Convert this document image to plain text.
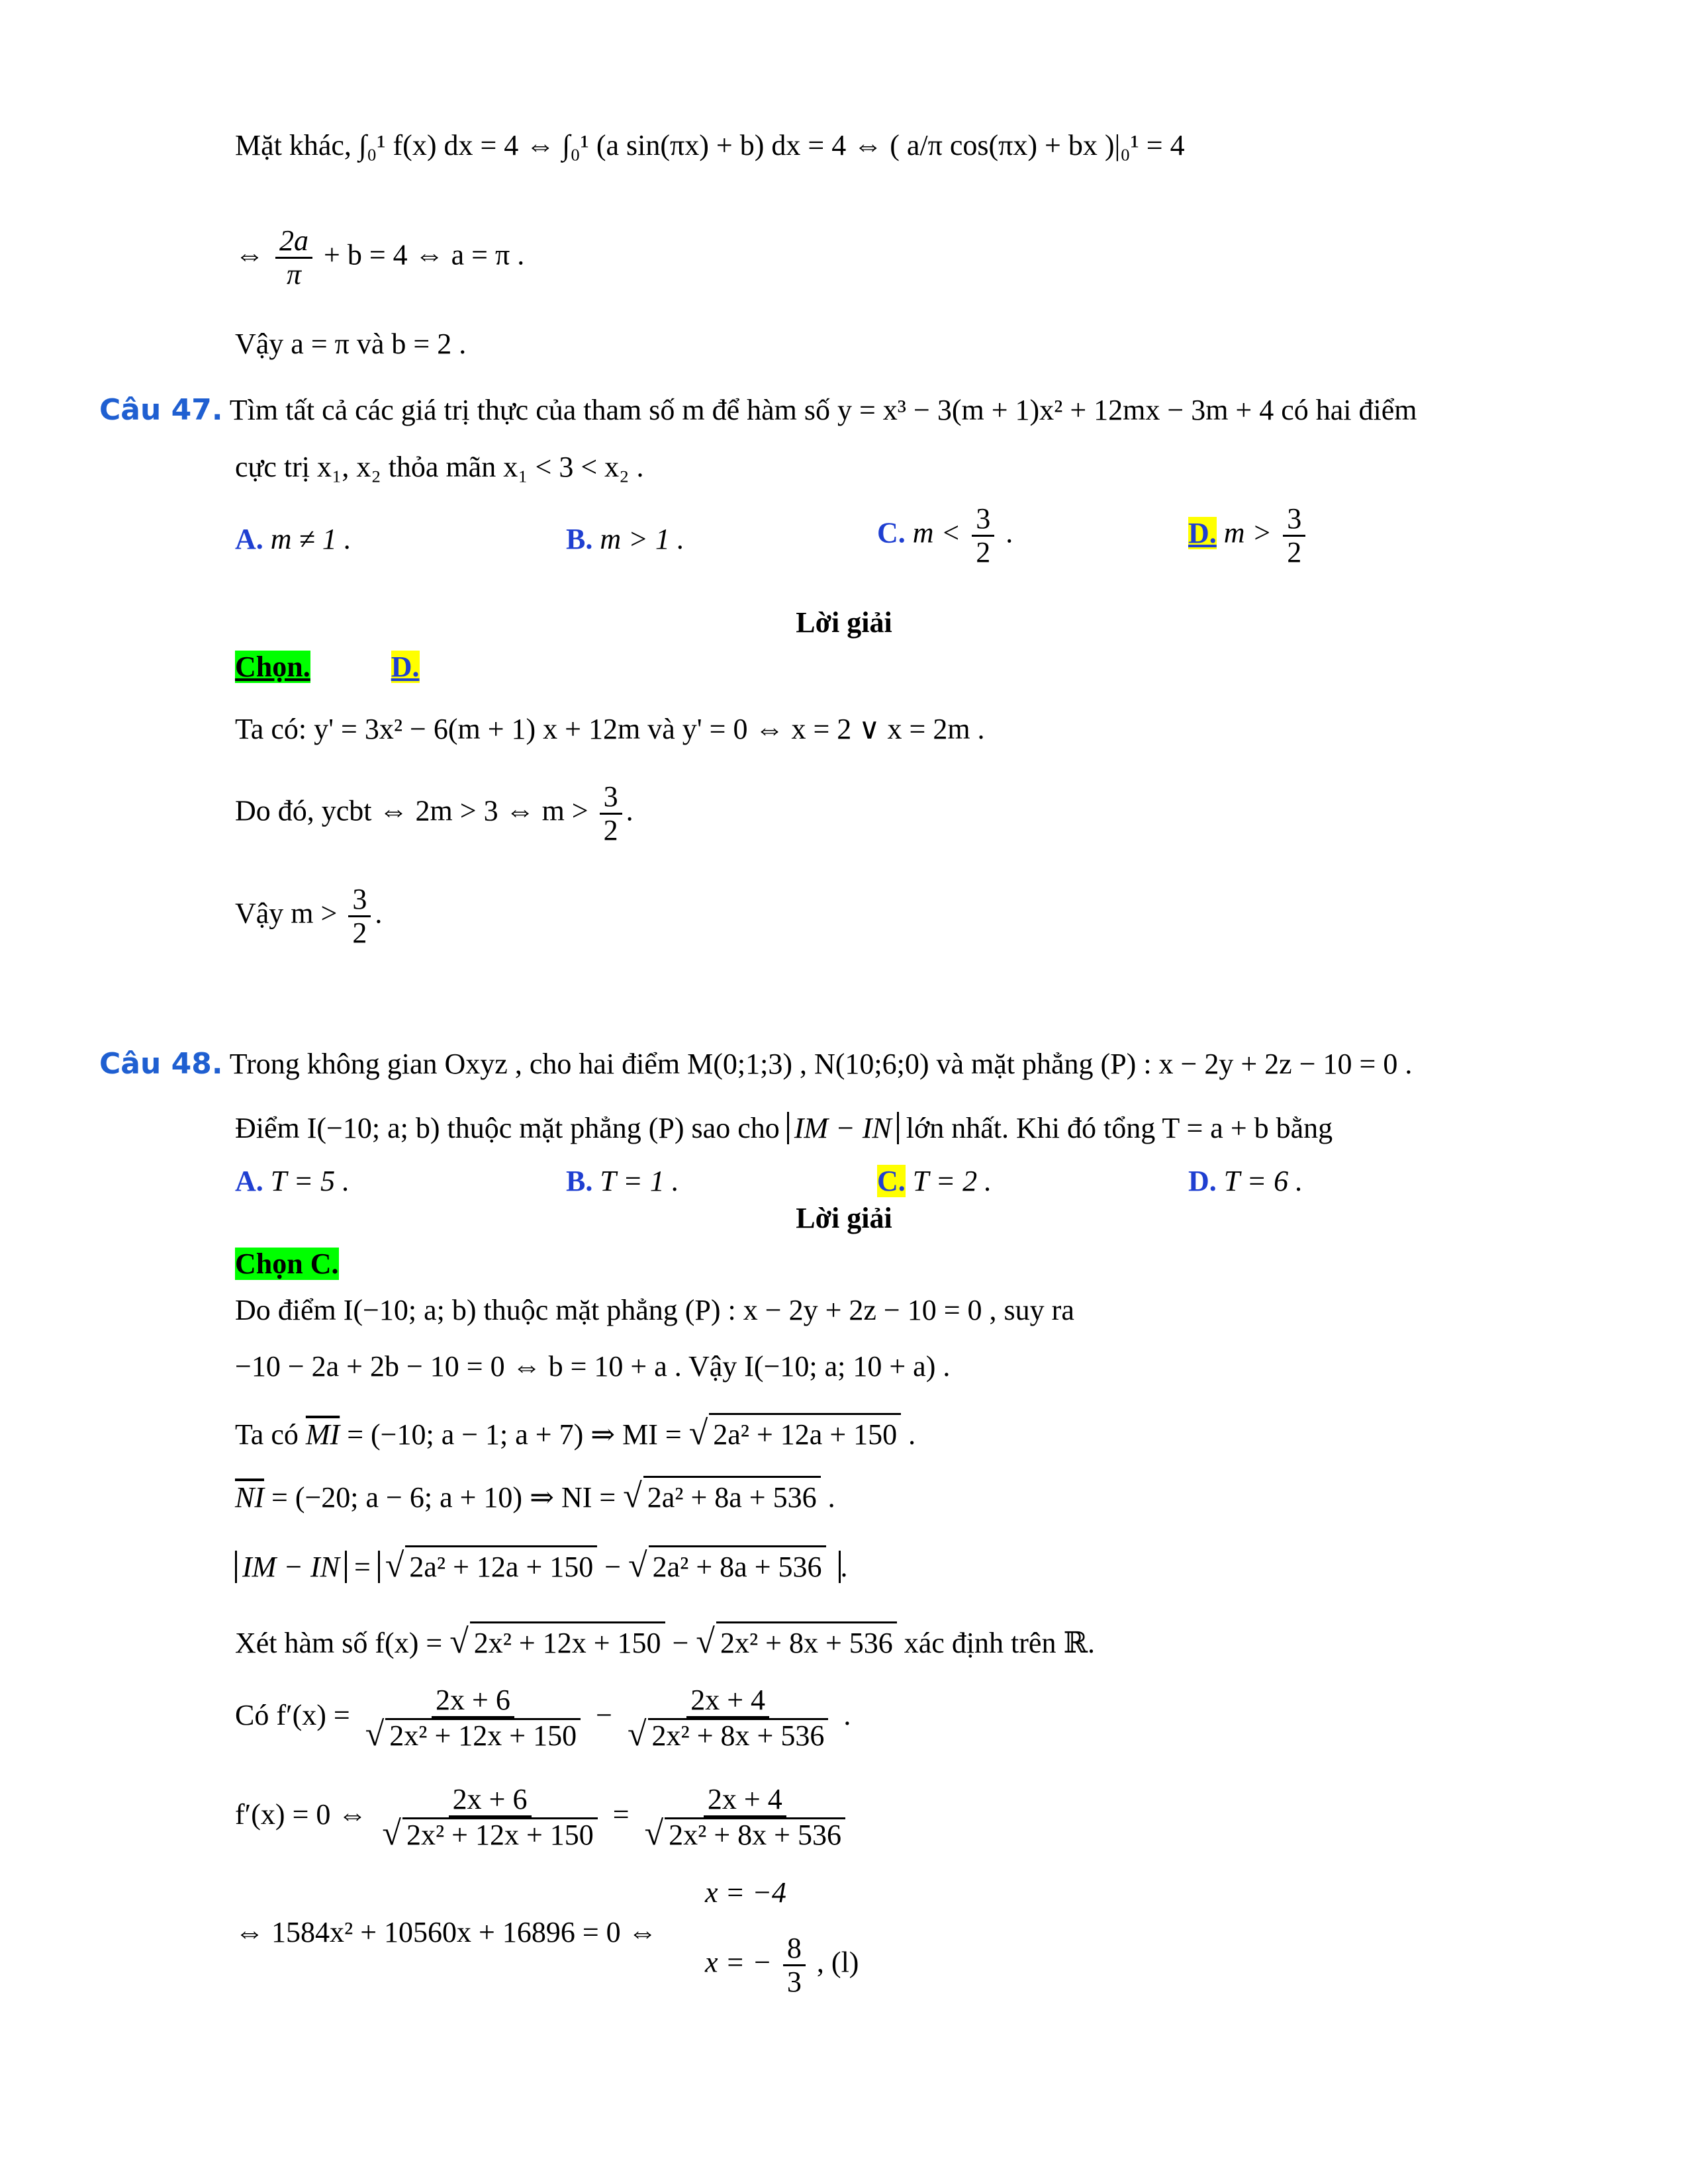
Mặt khác, ∫₀¹ f(x) dx = 4 ⇔ ∫₀¹ (a sin(πx) + b) dx = 4 ⇔ ( a/π cos(πx) + bx )|₀¹ = 4
⇔ $\frac{2a}{\pi} + b = 4$ ⇔ a = π .
Vậy a = π và b = 2 .
Câu 47. Tìm tất cả các giá trị thực của tham số m để hàm số y = x³ − 3(m + 1)x² + 12mx − 3m + 4 có hai điểm
cực trị x₁, x₂ thỏa mãn x₁ < 3 < x₂ .
A. m ≠ 1 .	B. m > 1 .	C. $m < \frac{3}{2}$ .	D. $m > \frac{3}{2}$
Lời giải
Chọn.	D.
Ta có: y' = 3x² − 6(m + 1) x + 12m và y' = 0 ⇔ x = 2 ∨ x = 2m .
Do đó, ycbt ⇔ 2m > 3 ⇔ $m > \frac{3}{2}$ .
Vậy $m > \frac{3}{2}$ .
Câu 48. Trong không gian Oxyz , cho hai điểm M(0;1;3) , N(10;6;0) và mặt phẳng (P) : x − 2y + 2z − 10 = 0 .
Điểm I(−10; a; b) thuộc mặt phẳng (P) sao cho IM − IN lớn nhất. Khi đó tổng T = a + b bằng
A. T = 5 .	B. T = 1 .	C. T = 2 .	D. T = 6 .
Lời giải
Chọn C.
Do điểm I(−10; a; b) thuộc mặt phẳng (P) : x − 2y + 2z − 10 = 0 , suy ra
−10 − 2a + 2b − 10 = 0 ⇔ b = 10 + a . Vậy I(−10; a; 10 + a) .
Ta có $\overline{MI} = (-10$; a − 1; a + 7) ⇒ MI = √ 2a² + 12a + 150 .
$\overline{NI} = (-20$; a − 6; a + 10) ⇒ NI = √ 2a² + 8a + 536 .
IM − IN = √ 2a² + 12a + 150 − √ 2a² + 8a + 536 .
Xét hàm số f(x) = √ 2x² + 12x + 150 − √ 2x² + 8x + 536 xác định trên ℝ.
Có $f'(x) = \frac{2x + 6}{\text{√ 2x² + 12x + 150}} - \frac{2x + 4}{\text{√ 2x² + 8x + 536}}$ .
f′(x) = 0 ⇔ $\frac{2x + 6}{\text{√ 2x² + 12x + 150}} = \frac{2x + 4}{\text{√ 2x² + 8x + 536}}$
⇔ 1584x² + 10560x + 16896 = 0 ⇔
x = −4
x = − $\frac{8}{3}$ , (l)
